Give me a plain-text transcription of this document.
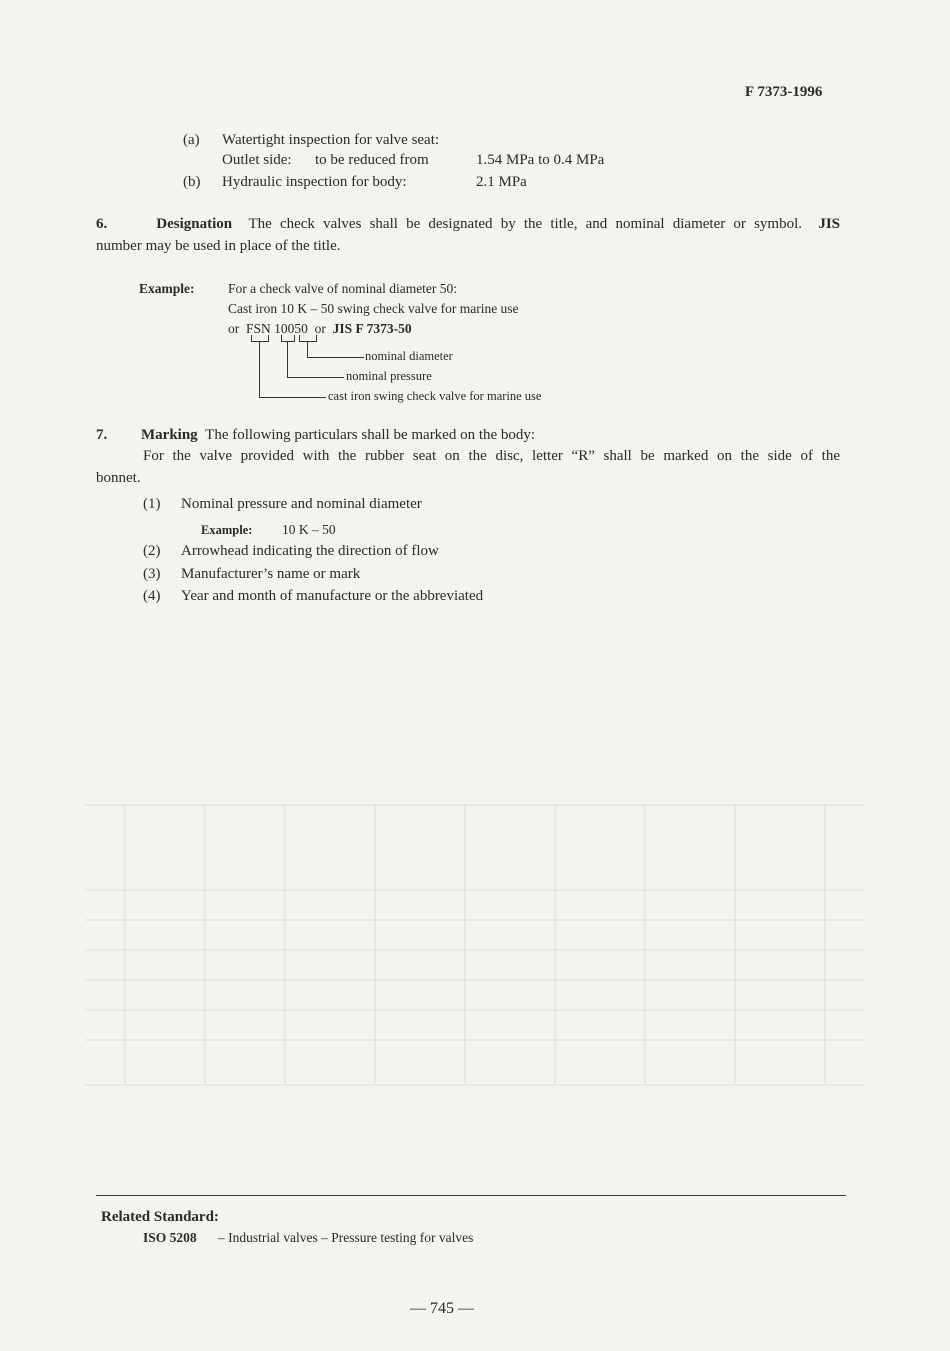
F 7373-1996
(a) Watertight inspection for valve seat:
Outlet side: to be reduced from	1.54 MPa to 0.4 MPa
(b) Hydraulic inspection for body:	2.1 MPa
6.	Designation The check valves shall be designated by the title, and nominal diameter or symbol. JIS
number may be used in place of the title.
Example: For a check valve of nominal diameter 50:
Cast iron 10 K – 50 swing check valve for marine use
or FSN 10050 or JIS F 7373-50
nominal diameter
nominal pressure
cast iron swing check valve for marine use
7. Marking The following particulars shall be marked on the body:
For the valve provided with the rubber seat on the disc, letter “R” shall be marked on the side of the
bonnet.
(1) Nominal pressure and nominal diameter
Example: 10 K – 50
(2) Arrowhead indicating the direction of flow
(3) Manufacturer’s name or mark
(4) Year and month of manufacture or the abbreviated
Related Standard:
ISO 5208 – Industrial valves – Pressure testing for valves
— 745 —
